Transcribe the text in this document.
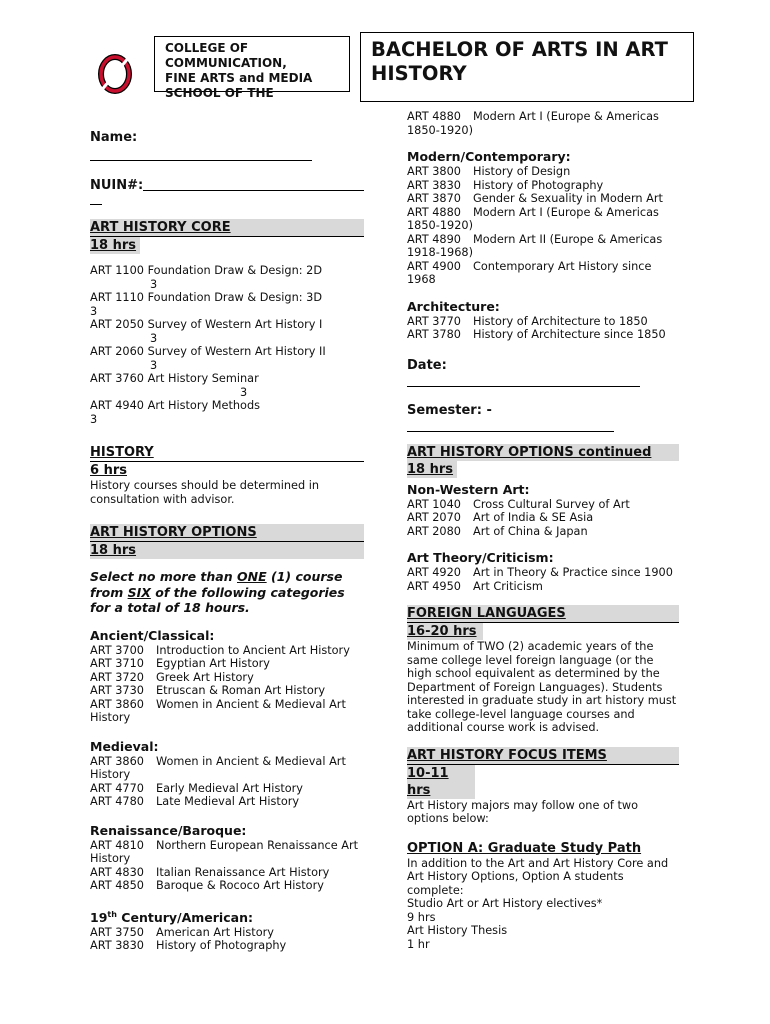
COLLEGE OF
COMMUNICATION,
FINE ARTS and MEDIA
SCHOOL OF THE
BACHELOR OF ARTS IN ART HISTORY
Name:
NUIN#:
ART HISTORY CORE
18 hrs
ART 1100 Foundation Draw & Design: 2D
3
ART 1110 Foundation Draw & Design: 3D
3
ART 2050 Survey of Western Art History I
3
ART 2060 Survey of Western Art History II
3
ART 3760 Art History Seminar
3
ART 4940 Art History Methods
3
HISTORY
6 hrs
History courses should be determined in consultation with advisor.
ART HISTORY OPTIONS
18 hrs
Select no more than ONE (1) course from SIX of the following categories for a total of 18 hours.
Ancient/Classical:
ART 3700	Introduction to Ancient Art History
ART 3710	Egyptian Art History
ART 3720	Greek Art History
ART 3730	Etruscan & Roman Art History
ART 3860 Women in Ancient & Medieval Art History
Medieval:
ART 3860 Women in Ancient & Medieval Art History
ART 4770	Early Medieval Art History
ART 4780	Late Medieval Art History
Renaissance/Baroque:
ART 4810 Northern European Renaissance Art History
ART 4830	Italian Renaissance Art History
ART 4850	Baroque & Rococo Art History
19th Century/American:
ART 3750	American Art History
ART 3830	History of Photography
ART 4880 Modern Art I (Europe & Americas 1850-1920)
Modern/Contemporary:
ART 3800	History of Design
ART 3830	History of Photography
ART 3870	Gender & Sexuality in Modern Art
ART 4880 Modern Art I (Europe & Americas 1850-1920)
ART 4890 Modern Art II (Europe & Americas 1918-1968)
ART 4900 Contemporary Art History since 1968
Architecture:
ART 3770	History of Architecture to 1850
ART 3780	History of Architecture since 1850
Date:
Semester: -
ART HISTORY OPTIONS continued
18 hrs
Non-Western Art:
ART 1040	Cross Cultural Survey of Art
ART 2070	Art of India & SE Asia
ART 2080	Art of China & Japan
Art Theory/Criticism:
ART 4920	Art in Theory & Practice since 1900
ART 4950	Art Criticism
FOREIGN LANGUAGES
16-20 hrs
Minimum of TWO (2) academic years of the same college level foreign language (or the high school equivalent as determined by the Department of Foreign Languages). Students interested in graduate study in art history must take college-level language courses and additional course work is advised.
ART HISTORY FOCUS ITEMS
10-11 hrs
Art History majors may follow one of two options below:
OPTION A: Graduate Study Path
In addition to the Art and Art History Core and Art History Options, Option A students complete:
Studio Art or Art History electives*
9 hrs
Art History Thesis
1 hr
